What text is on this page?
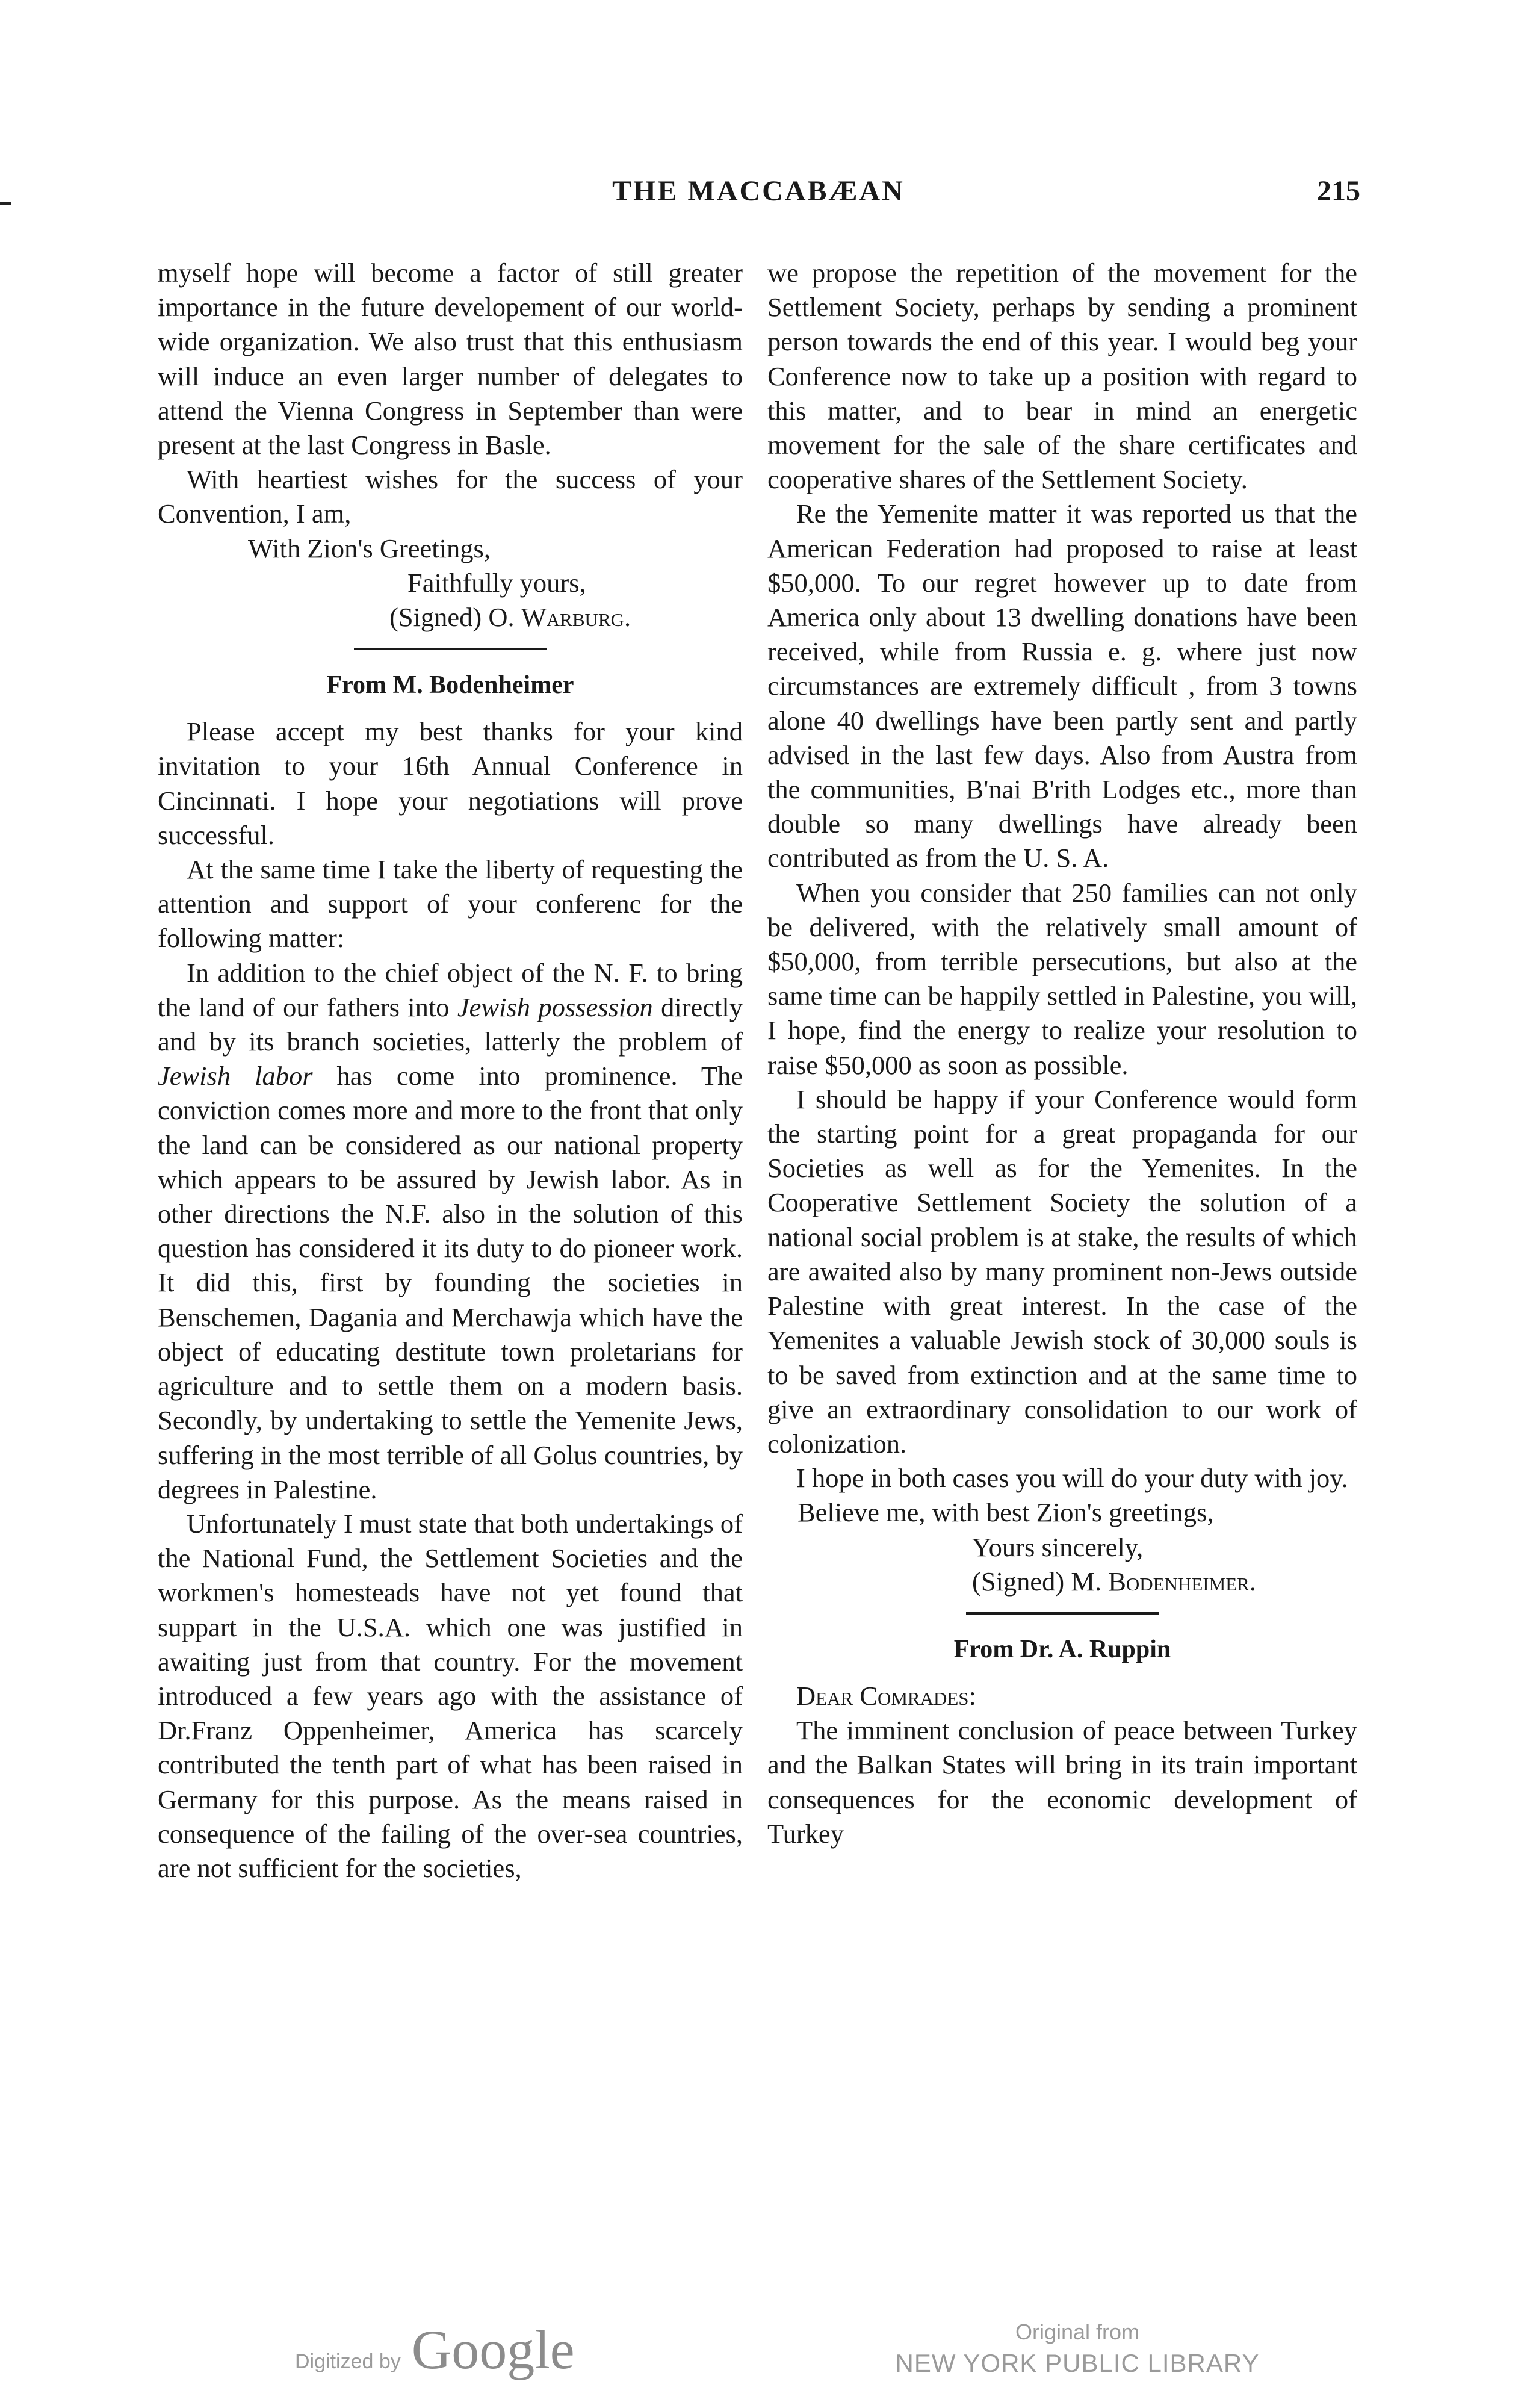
THE MACCABÆAN	215

myself hope will become a factor of still greater importance in the future developement of our world-wide organization. We also trust that this enthusiasm will induce an even larger number of delegates to attend the Vienna Congress in September than were present at the last Congress in Basle.

With heartiest wishes for the success of your Convention, I am,

With Zion's Greetings,
Faithfully yours,
(Signed) O. Warburg.
From M. Bodenheimer

Please accept my best thanks for your kind invitation to your 16th Annual Conference in Cincinnati. I hope your negotiations will prove successful.

At the same time I take the liberty of requesting the attention and support of your conferenc for the following matter:

In addition to the chief object of the N. F. to bring the land of our fathers into Jewish possession directly and by its branch societies, latterly the problem of Jewish labor has come into prominence. The conviction comes more and more to the front that only the land can be considered as our national property which appears to be assured by Jewish labor. As in other directions the N.F. also in the solution of this question has considered it its duty to do pioneer work. It did this, first by founding the societies in Benschemen, Dagania and Merchawja which have the object of educating destitute town proletarians for agriculture and to settle them on a modern basis. Secondly, by undertaking to settle the Yemenite Jews, suffering in the most terrible of all Golus countries, by degrees in Palestine.

Unfortunately I must state that both undertakings of the National Fund, the Settlement Societies and the workmen's homesteads have not yet found that suppart in the U.S.A. which one was justified in awaiting just from that country. For the movement introduced a few years ago with the assistance of Dr.Franz Oppenheimer, America has scarcely contributed the tenth part of what has been raised in Germany for this purpose. As the means raised in consequence of the failing of the over-sea countries, are not sufficient for the societies,

we propose the repetition of the movement for the Settlement Society, perhaps by sending a prominent person towards the end of this year. I would beg your Conference now to take up a position with regard to this matter, and to bear in mind an energetic movement for the sale of the share certificates and cooperative shares of the Settlement Society.

Re the Yemenite matter it was reported us that the American Federation had proposed to raise at least $50,000. To our regret however up to date from America only about 13 dwelling donations have been received, while from Russia e. g. where just now circumstances are extremely difficult , from 3 towns alone 40 dwellings have been partly sent and partly advised in the last few days. Also from Austra from the communities, B'nai B'rith Lodges etc., more than double so many dwellings have already been contributed as from the U. S. A.

When you consider that 250 families can not only be delivered, with the relatively small amount of $50,000, from terrible persecutions, but also at the same time can be happily settled in Palestine, you will, I hope, find the energy to realize your resolution to raise $50,000 as soon as possible.

I should be happy if your Conference would form the starting point for a great propaganda for our Societies as well as for the Yemenites. In the Cooperative Settlement Society the solution of a national social problem is at stake, the results of which are awaited also by many prominent non-Jews outside Palestine with great interest. In the case of the Yemenites a valuable Jewish stock of 30,000 souls is to be saved from extinction and at the same time to give an extraordinary consolidation to our work of colonization.

I hope in both cases you will do your duty with joy.

Believe me, with best Zion's greetings,
Yours sincerely,
(Signed) M. Bodenheimer.
From Dr. A. Ruppin

Dear Comrades:

The imminent conclusion of peace between Turkey and the Balkan States will bring in its train important consequences for the economic development of Turkey

Digitized by Google	Original from
NEW YORK PUBLIC LIBRARY
